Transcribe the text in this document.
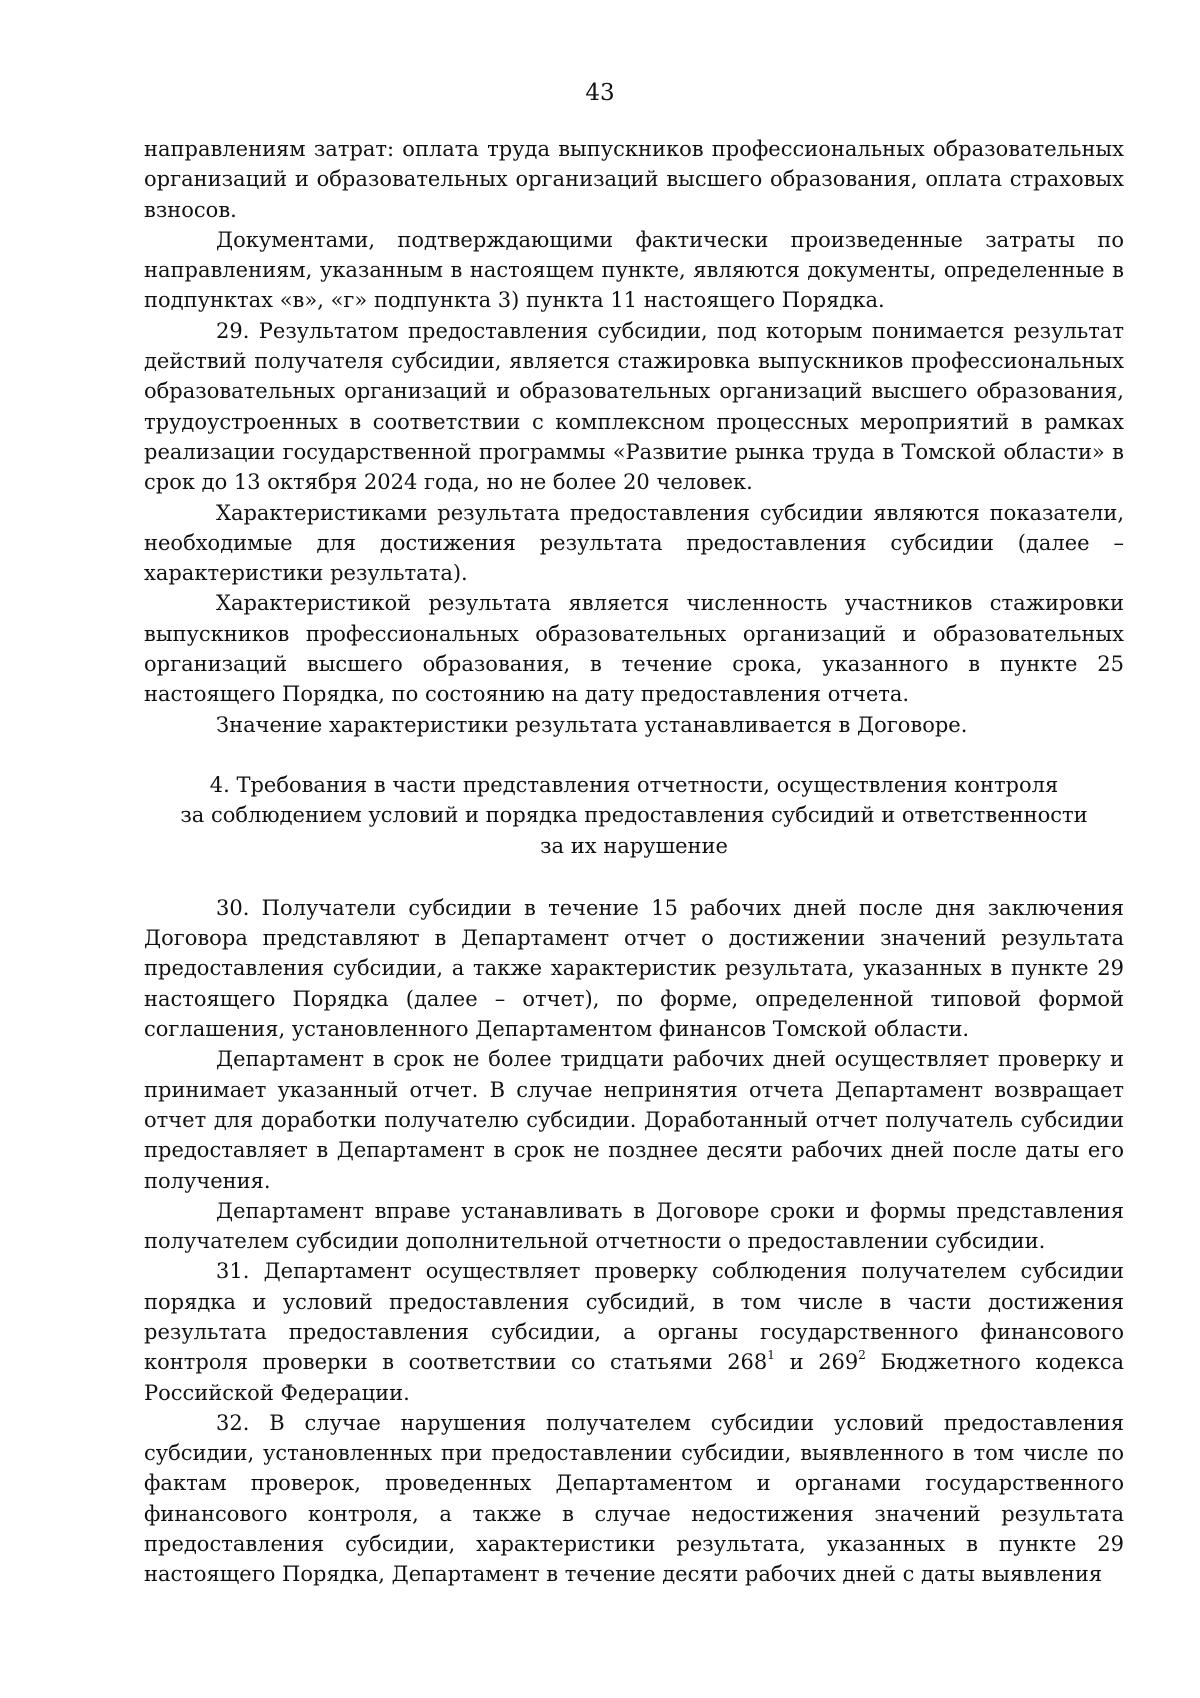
43

направлениям затрат: оплата труда выпускников профессиональных образовательных организаций и образовательных организаций высшего образования, оплата страховых взносов.

Документами, подтверждающими фактически произведенные затраты по направлениям, указанным в настоящем пункте, являются документы, определенные в подпунктах «в», «г» подпункта 3) пункта 11 настоящего Порядка.

29. Результатом предоставления субсидии, под которым понимается результат действий получателя субсидии, является стажировка выпускников профессиональных образовательных организаций и образовательных организаций высшего образования, трудоустроенных в соответствии с комплексном процессных мероприятий в рамках реализации государственной программы «Развитие рынка труда в Томской области» в срок до 13 октября 2024 года, но не более 20 человек.

Характеристиками результата предоставления субсидии являются показатели, необходимые для достижения результата предоставления субсидии (далее – характеристики результата).

Характеристикой результата является численность участников стажировки выпускников профессиональных образовательных организаций и образовательных организаций высшего образования, в течение срока, указанного в пункте 25 настоящего Порядка, по состоянию на дату предоставления отчета.

Значение характеристики результата устанавливается в Договоре.

4. Требования в части представления отчетности, осуществления контроля

за соблюдением условий и порядка предоставления субсидий и ответственности

за их нарушение

30. Получатели субсидии в течение 15 рабочих дней после дня заключения Договора представляют в Департамент отчет о достижении значений результата предоставления субсидии, а также характеристик результата, указанных в пункте 29 настоящего Порядка (далее – отчет), по форме, определенной типовой формой соглашения, установленного Департаментом финансов Томской области.

Департамент в срок не более тридцати рабочих дней осуществляет проверку и принимает указанный отчет. В случае непринятия отчета Департамент возвращает отчет для доработки получателю субсидии. Доработанный отчет получатель субсидии предоставляет в Департамент в срок не позднее десяти рабочих дней после даты его получения.

Департамент вправе устанавливать в Договоре сроки и формы представления получателем субсидии дополнительной отчетности о предоставлении субсидии.

31. Департамент осуществляет проверку соблюдения получателем субсидии порядка и условий предоставления субсидий, в том числе в части достижения результата предоставления субсидии, а органы государственного финансового контроля проверки в соответствии со статьями $268^1$ и $269^2$ Бюджетного кодекса Российской Федерации.

32. В случае нарушения получателем субсидии условий предоставления субсидии, установленных при предоставлении субсидии, выявленного в том числе по фактам проверок, проведенных Департаментом и органами государственного финансового контроля, а также в случае недостижения значений результата предоставления субсидии, характеристики результата, указанных в пункте 29 настоящего Порядка, Департамент в течение десяти рабочих дней с даты выявления
